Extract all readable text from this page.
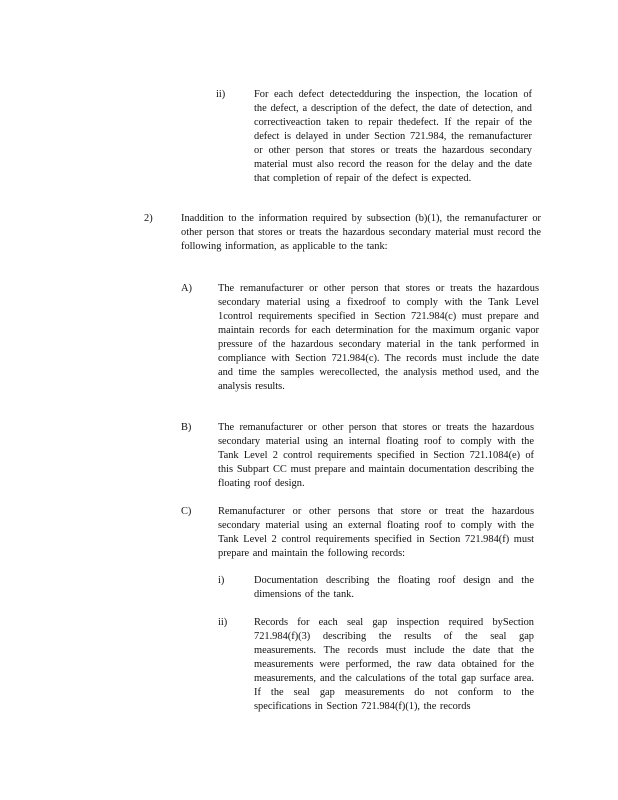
ii)	For each defect detectedduring the inspection, the location of the defect, a description of the defect, the date of detection, and correctiveaction taken to repair thedefect. If the repair of the defect is delayed in under Section 721.984, the remanufacturer or other person that stores or treats the hazardous secondary material must also record the reason for the delay and the date that completion of repair of the defect is expected.
2)	Inaddition to the information required by subsection (b)(1), the remanufacturer or other person that stores or treats the hazardous secondary material must record the following information, as applicable to the tank:
A)	The remanufacturer or other person that stores or treats the hazardous secondary material using a fixedroof to comply with the Tank Level 1control requirements specified in Section 721.984(c) must prepare and maintain records for each determination for the maximum organic vapor pressure of the hazardous secondary material in the tank performed in compliance with Section 721.984(c). The records must include the date and time the samples werecollected, the analysis method used, and the analysis results.
B)	The remanufacturer or other person that stores or treats the hazardous secondary material using an internal floating roof to comply with the Tank Level 2 control requirements specified in Section 721.1084(e) of this Subpart CC must prepare and maintain documentation describing the floating roof design.
C)	Remanufacturer or other persons that store or treat the hazardous secondary material using an external floating roof to comply with the Tank Level 2 control requirements specified in Section 721.984(f) must prepare and maintain the following records:
i)	Documentation describing the floating roof design and the dimensions of the tank.
ii)	Records for each seal gap inspection required bySection 721.984(f)(3) describing the results of the seal gap measurements. The records must include the date that the measurements were performed, the raw data obtained for the measurements, and the calculations of the total gap surface area. If the seal gap measurements do not conform to the specifications in Section 721.984(f)(1), the records
